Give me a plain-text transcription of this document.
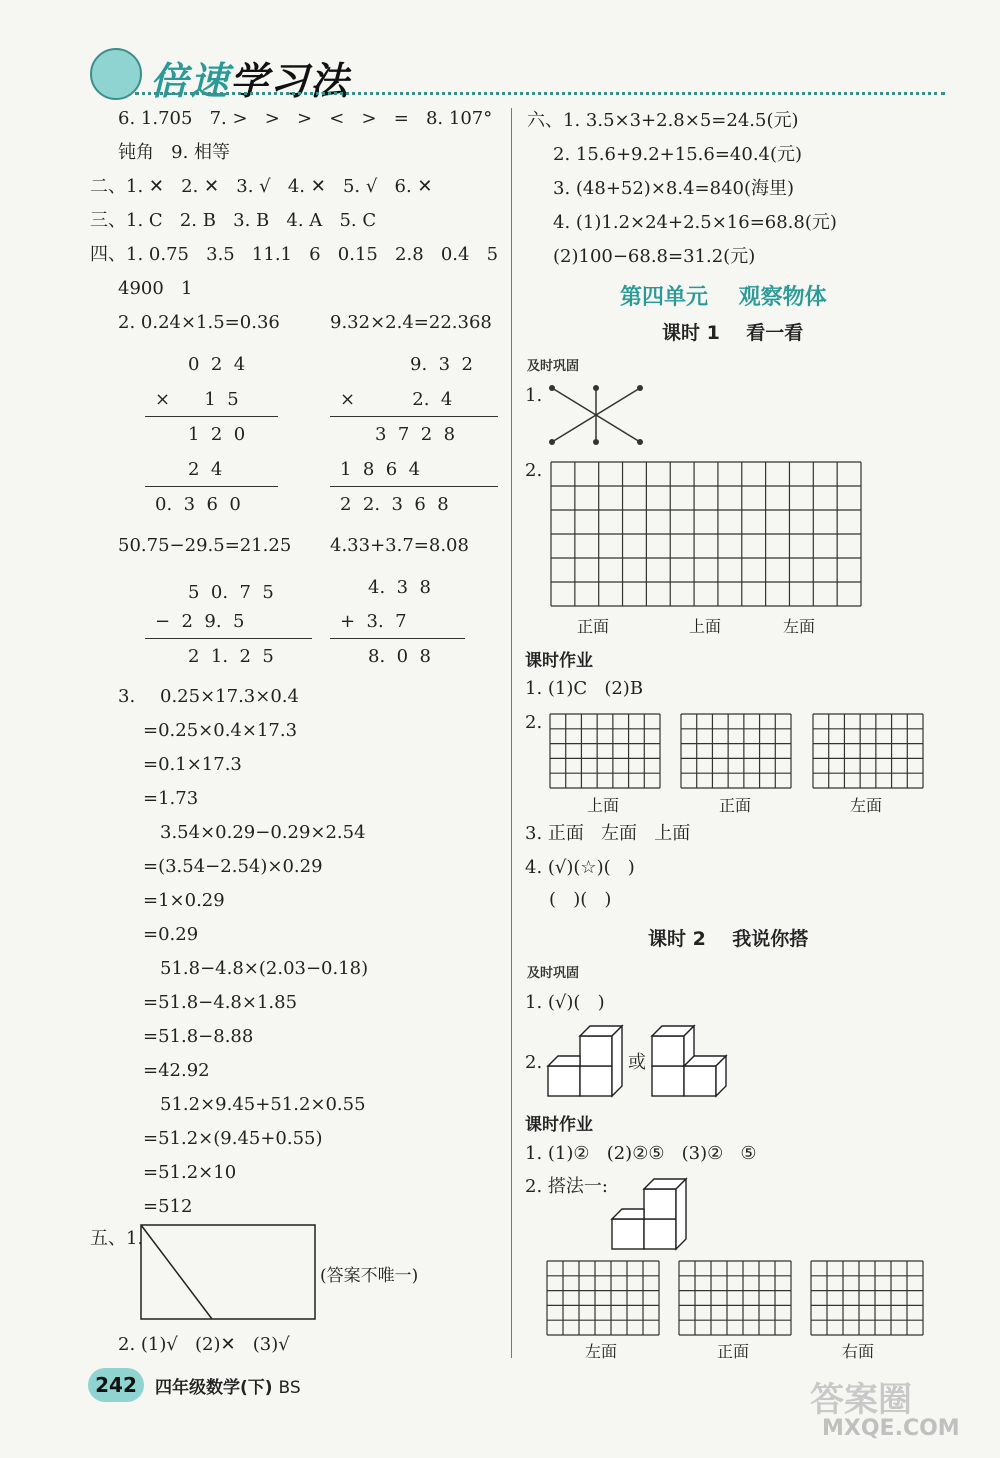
倍速学习法
6. 1.705   7. >   >   >   <   >   =   8. 107°
钝角   9. 相等
二、1. ✕   2. ✕   3. √   4. ✕   5. √   6. ✕
三、1. C   2. B   3. B   4. A   5. C
四、1. 0.75   3.5   11.1   6   0.15   2.8   0.4   5
4900   1
2. 0.24×1.5=0.36	9.32×2.4=22.368
0  2  4
×      1  5
1  2  0
2  4
0.  3  6  0
9.  3  2
×          2.  4
3  7  2  8
1  8  6  4
2  2.  3  6  8
50.75−29.5=21.25 4.33+3.7=8.08
5  0.  7  5
−  2  9.  5
2  1.  2  5
4.  3  8
+  3.  7
8.  0  8
3. 0.25×17.3×0.4
=0.25×0.4×17.3
=0.1×17.3
=1.73
3.54×0.29−0.29×2.54
=(3.54−2.54)×0.29
=1×0.29
=0.29
51.8−4.8×(2.03−0.18)
=51.8−4.8×1.85
=51.8−8.88
=42.92
51.2×9.45+51.2×0.55
=51.2×(9.45+0.55)
=51.2×10
=512
五、1.
(答案不唯一)
2. (1)√   (2)✕   (3)√
六、1. 3.5×3+2.8×5=24.5(元)
2. 15.6+9.2+15.6=40.4(元)
3. (48+52)×8.4=840(海里)
4. (1)1.2×24+2.5×16=68.8(元)
(2)100−68.8=31.2(元)
第四单元    观察物体
课时 1    看一看
及时巩固
1.
2.
正面	上面	左面
课时作业
1. (1)C   (2)B
2.
上面	正面	左面
3. 正面   左面   上面
4. (√)(☆)(   )
(   )(   )
课时 2    我说你搭
及时巩固
1. (√)(   )
2.	或
课时作业
1. (1)②   (2)②⑤   (3)②   ⑤
2. 搭法一:
左面	正面	右面
242	四年级数学(下) BS	答案圈
MXQE.COM
